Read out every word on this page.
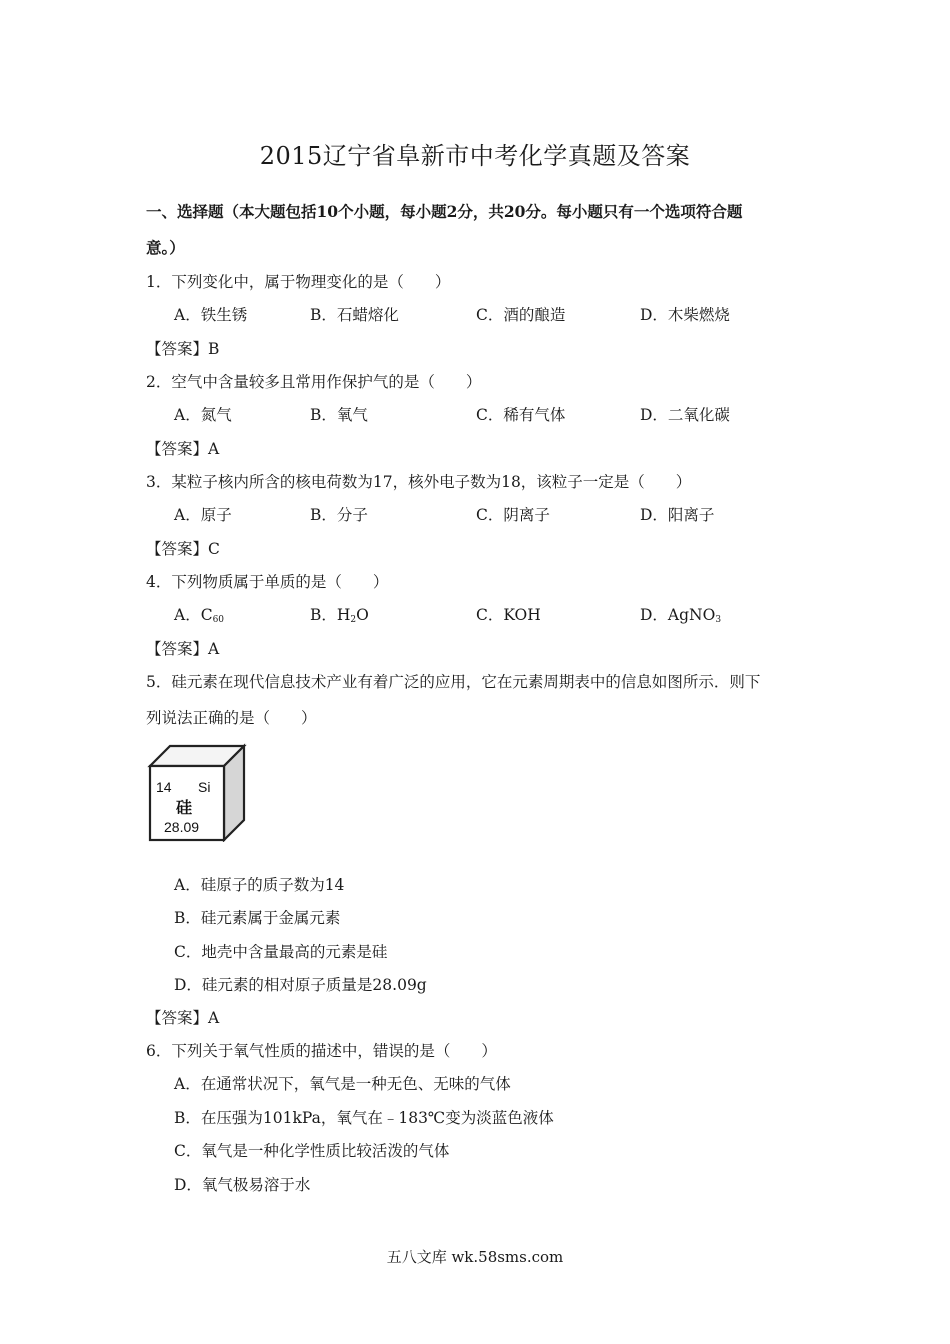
2015辽宁省阜新市中考化学真题及答案
一、选择题（本大题包括10个小题，每小题2分，共20分。每小题只有一个选项符合题
意。）
1．下列变化中，属于物理变化的是（　　）
A．铁生锈	B．石蜡熔化	C．酒的酿造	D．木柴燃烧
【答案】B
2．空气中含量较多且常用作保护气的是（　　）
A．氮气	B．氧气	C．稀有气体	D．二氧化碳
【答案】A
3．某粒子核内所含的核电荷数为17，核外电子数为18，该粒子一定是（　　）
A．原子	B．分子	C．阴离子	D．阳离子
【答案】C
4．下列物质属于单质的是（　　）
A．$C_{60}$	B．$H_2O$	C．KOH	D．AgNO$_3$
【答案】A
5．硅元素在现代信息技术产业有着广泛的应用，它在元素周期表中的信息如图所示．则下
列说法正确的是（　　）
14 Si
硅
28.09
A．硅原子的质子数为14
B．硅元素属于金属元素
C．地壳中含量最高的元素是硅
D．硅元素的相对原子质量是28.09g
【答案】A
6．下列关于氧气性质的描述中，错误的是（　　）
A．在通常状况下，氧气是一种无色、无味的气体
B．在压强为101kPa，氧气在﹣183℃变为淡蓝色液体
C．氧气是一种化学性质比较活泼的气体
D．氧气极易溶于水
五八文库 wk.58sms.com
